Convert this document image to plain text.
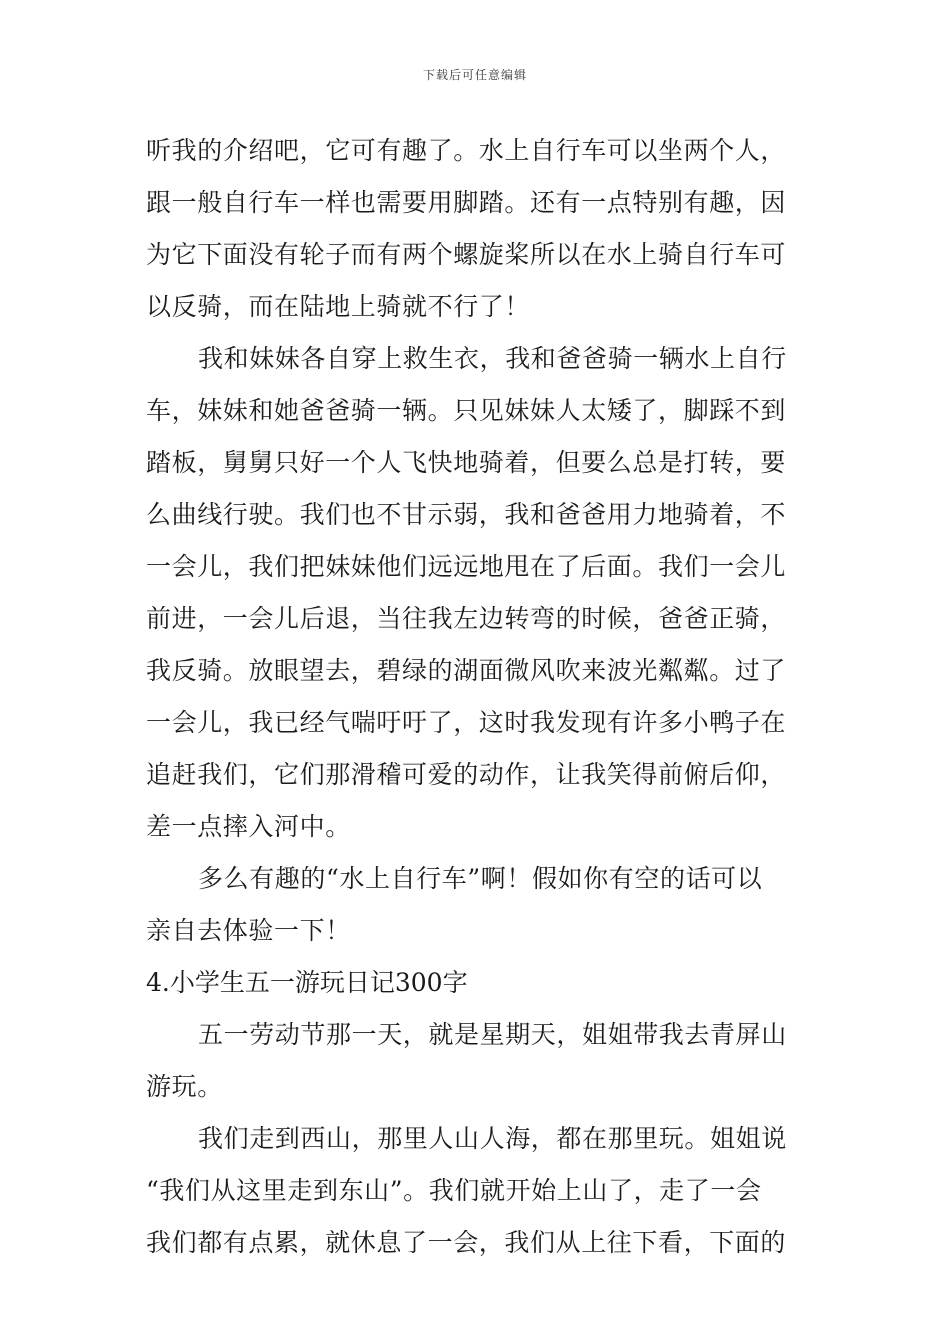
下载后可任意编辑
听我的介绍吧，它可有趣了。水上自行车可以坐两个人，
跟一般自行车一样也需要用脚踏。还有一点特别有趣，因
为它下面没有轮子而有两个螺旋桨所以在水上骑自行车可
以反骑，而在陆地上骑就不行了！
我和妹妹各自穿上救生衣，我和爸爸骑一辆水上自行
车，妹妹和她爸爸骑一辆。只见妹妹人太矮了，脚踩不到
踏板，舅舅只好一个人飞快地骑着，但要么总是打转，要
么曲线行驶。我们也不甘示弱，我和爸爸用力地骑着，不
一会儿，我们把妹妹他们远远地甩在了后面。我们一会儿
前进，一会儿后退，当往我左边转弯的时候，爸爸正骑，
我反骑。放眼望去，碧绿的湖面微风吹来波光粼粼。过了
一会儿，我已经气喘吁吁了，这时我发现有许多小鸭子在
追赶我们，它们那滑稽可爱的动作，让我笑得前俯后仰，
差一点摔入河中。
多么有趣的“水上自行车”啊！假如你有空的话可以
亲自去体验一下！
4.小学生五一游玩日记300字
五一劳动节那一天，就是星期天，姐姐带我去青屏山
游玩。
我们走到西山，那里人山人海，都在那里玩。姐姐说
“我们从这里走到东山”。我们就开始上山了，走了一会
我们都有点累，就休息了一会，我们从上往下看，下面的
